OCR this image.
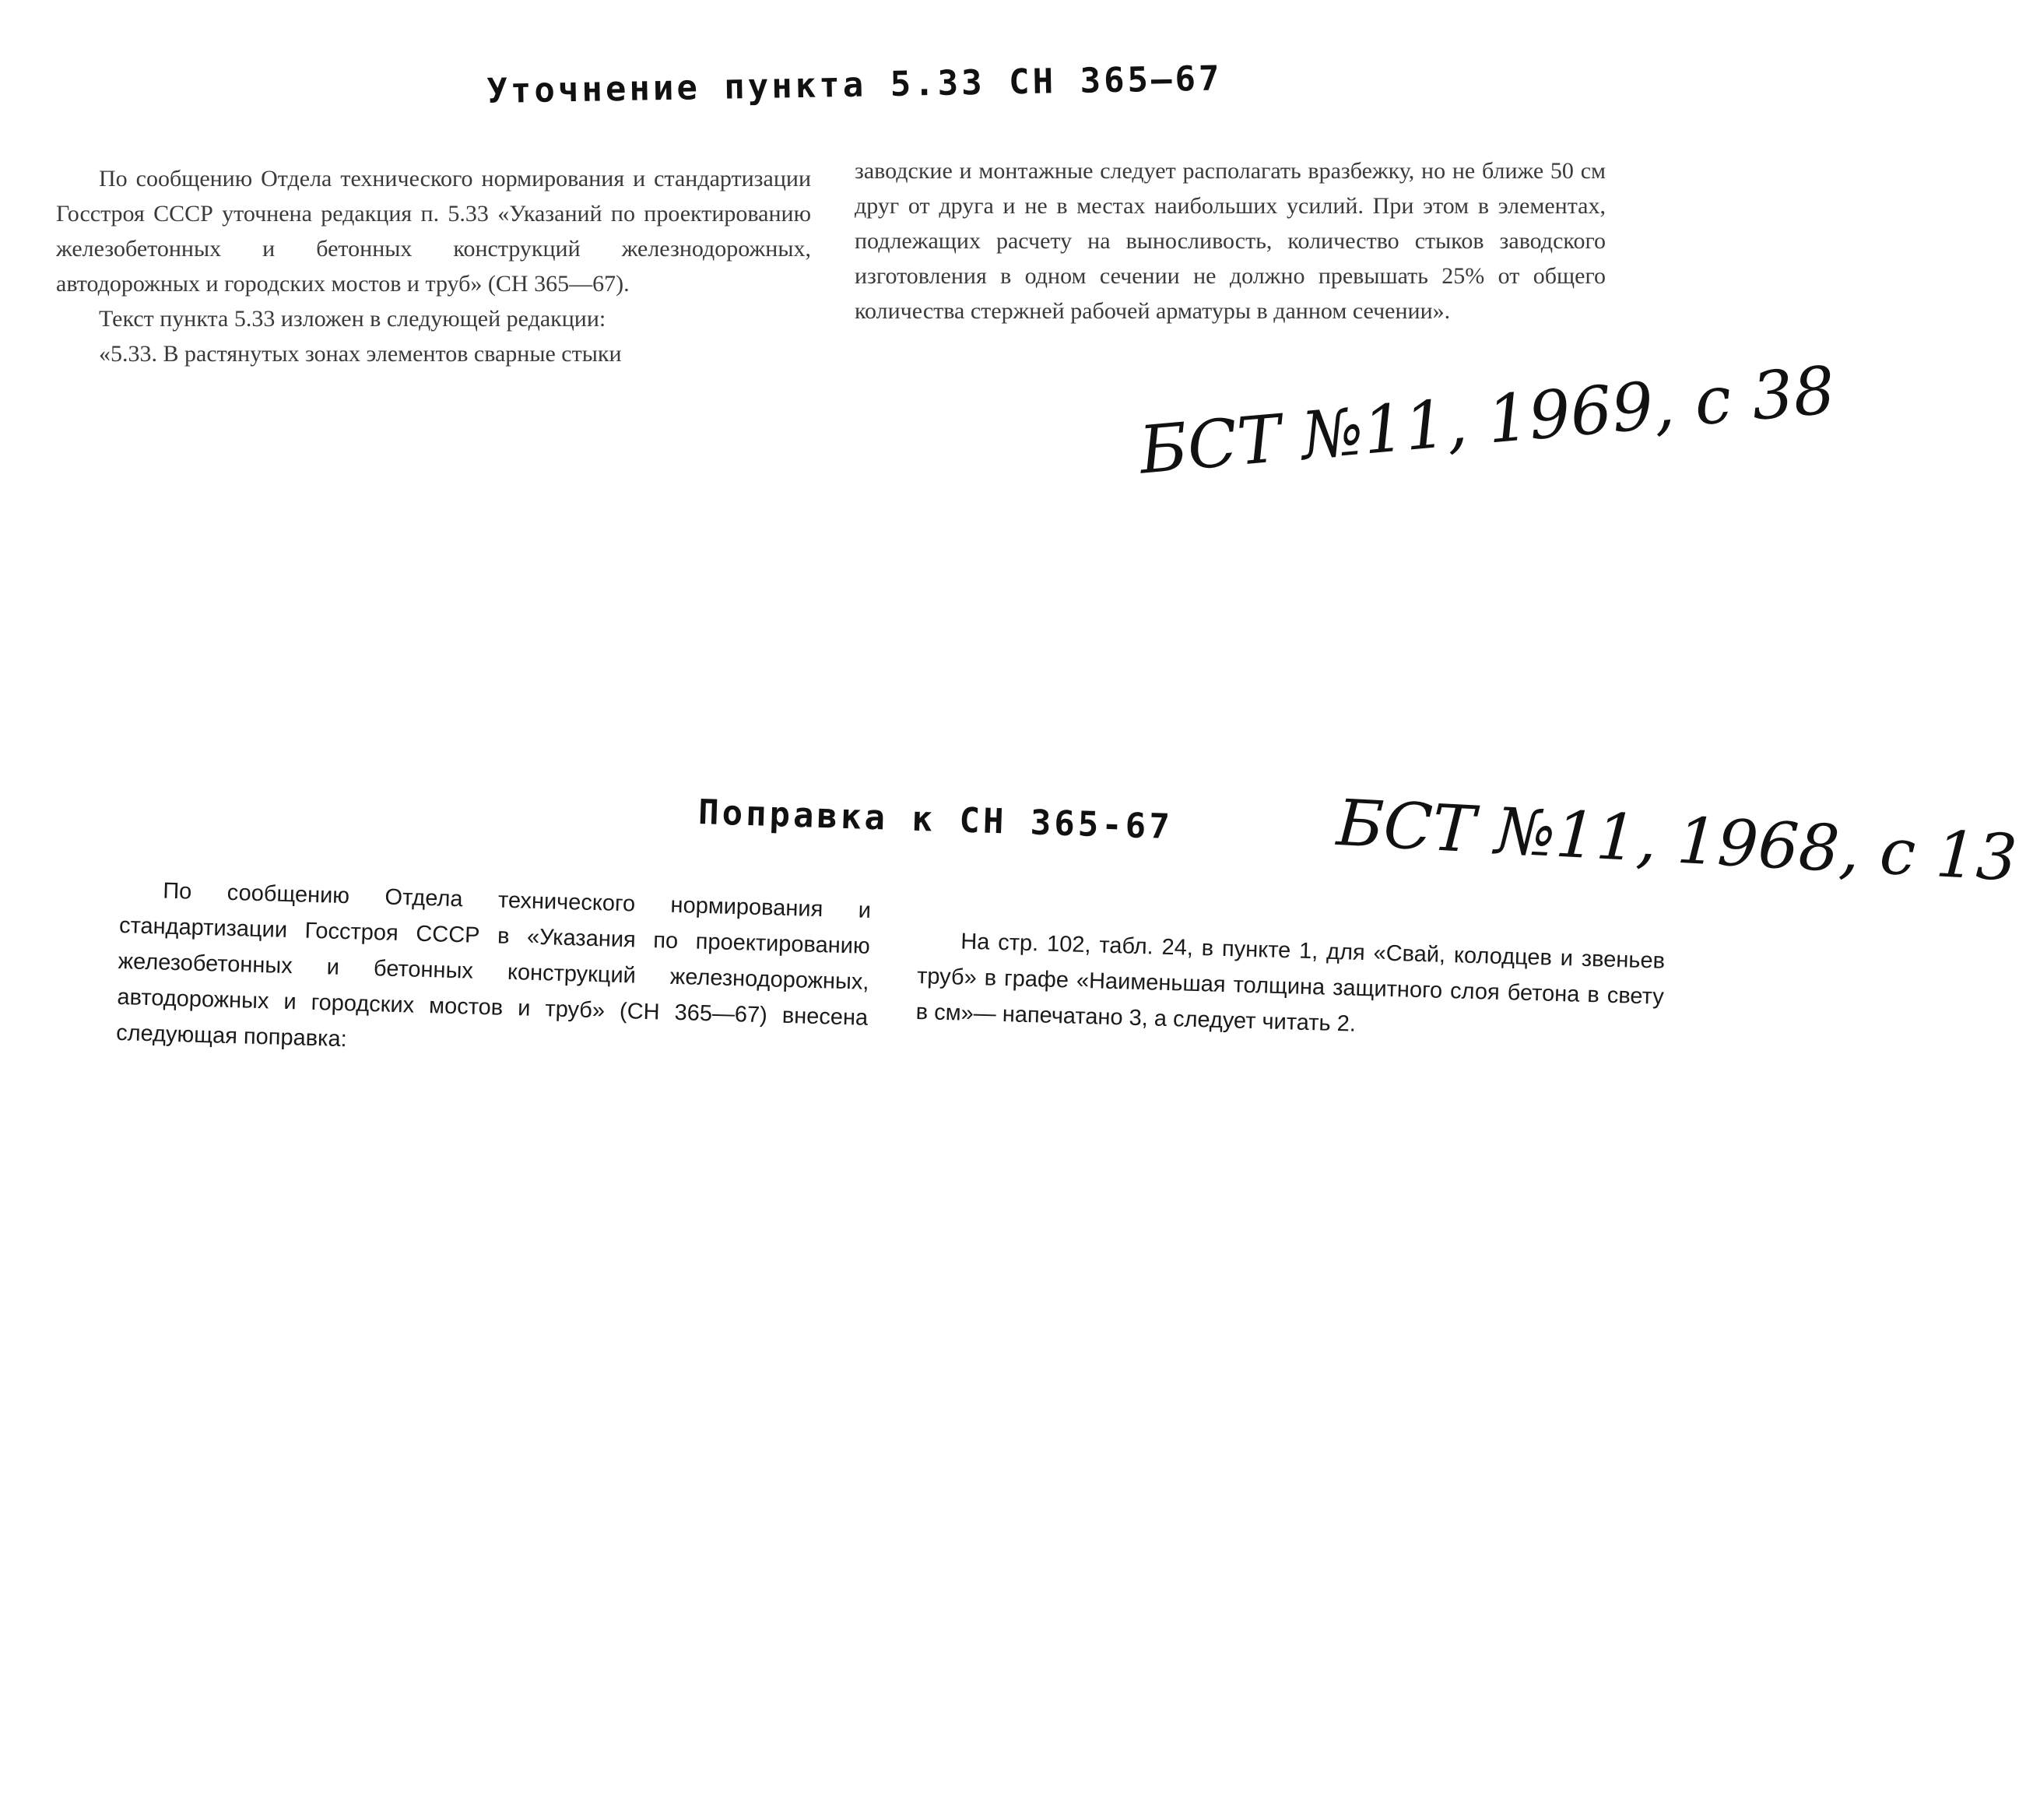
Уточнение пункта 5.33 СН 365—67

По сообщению Отдела технического нормирования и стандартизации Госстроя СССР уточнена редакция п. 5.33 «Указаний по проектированию железобетонных и бетонных конструкций железнодорожных, автодорожных и городских мостов и труб» (СН 365—67).

Текст пункта 5.33 изложен в следующей редакции:

«5.33. В растянутых зонах элементов сварные стыки

заводские и монтажные следует располагать вразбежку, но не ближе 50 см друг от друга и не в местах наибольших усилий. При этом в элементах, подлежащих расчету на выносливость, количество стыков заводского изготовления в одном сечении не должно превышать 25% от общего количества стержней рабочей арматуры в данном сечении».

БСТ №11, 1969, с 38
Поправка к СН 365-67	БСТ №11, 1968, с 13

По сообщению Отдела технического нормирования и стандартизации Госстроя СССР в «Указания по проектированию железобетонных и бетонных конструкций железнодорожных, автодорожных и городских мостов и труб» (СН 365—67) внесена следующая поправка:

На стр. 102, табл. 24, в пункте 1, для «Свай, колодцев и звеньев труб» в графе «Наименьшая толщина защитного слоя бетона в свету в см»— напечатано 3, а следует читать 2.
